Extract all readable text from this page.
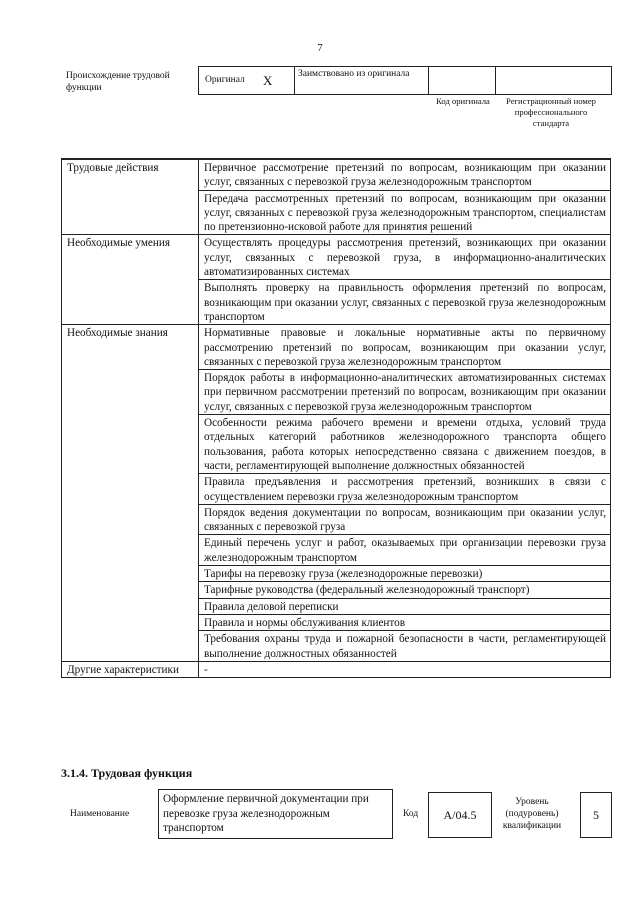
7
Происхождение трудовой функции
Оригинал	X	Заимствовано из оригинала
Код оригинала	Регистрационный номер профессионального стандарта
Трудовые действия	Первичное рассмотрение претензий по вопросам, возникающим при оказании услуг, связанных с перевозкой груза железнодорожным транспортом
	Передача рассмотренных претензий по вопросам, возникающим при оказании услуг, связанных с перевозкой груза железнодорожным транспортом, специалистам по претензионно-исковой работе для принятия решений
Необходимые умения	Осуществлять процедуры рассмотрения претензий, возникающих при оказании услуг, связанных с перевозкой груза, в информационно-аналитических автоматизированных системах
	Выполнять проверку на правильность оформления претензий по вопросам, возникающим при оказании услуг, связанных с перевозкой груза железнодорожным транспортом
Необходимые знания	Нормативные правовые и локальные нормативные акты по первичному рассмотрению претензий по вопросам, возникающим при оказании услуг, связанных с перевозкой груза железнодорожным транспортом
	Порядок работы в информационно-аналитических автоматизированных системах при первичном рассмотрении претензий по вопросам, возникающим при оказании услуг, связанных с перевозкой груза железнодорожным транспортом
	Особенности режима рабочего времени и времени отдыха, условий труда отдельных категорий работников железнодорожного транспорта общего пользования, работа которых непосредственно связана с движением поездов, в части, регламентирующей выполнение должностных обязанностей
	Правила предъявления и рассмотрения претензий, возникших в связи с осуществлением перевозки груза железнодорожным транспортом
	Порядок ведения документации по вопросам, возникающим при оказании услуг, связанных с перевозкой груза
	Единый перечень услуг и работ, оказываемых при организации перевозки груза железнодорожным транспортом
	Тарифы на перевозку груза (железнодорожные перевозки)
	Тарифные руководства (федеральный железнодорожный транспорт)
	Правила деловой переписки
	Правила и нормы обслуживания клиентов
	Требования охраны труда и пожарной безопасности в части, регламентирующей выполнение должностных обязанностей
Другие характеристики	-
3.1.4. Трудовая функция
Наименование
Оформление первичной документации при перевозке груза железнодорожным транспортом
Код	А/04.5
Уровень (подуровень) квалификации
5
